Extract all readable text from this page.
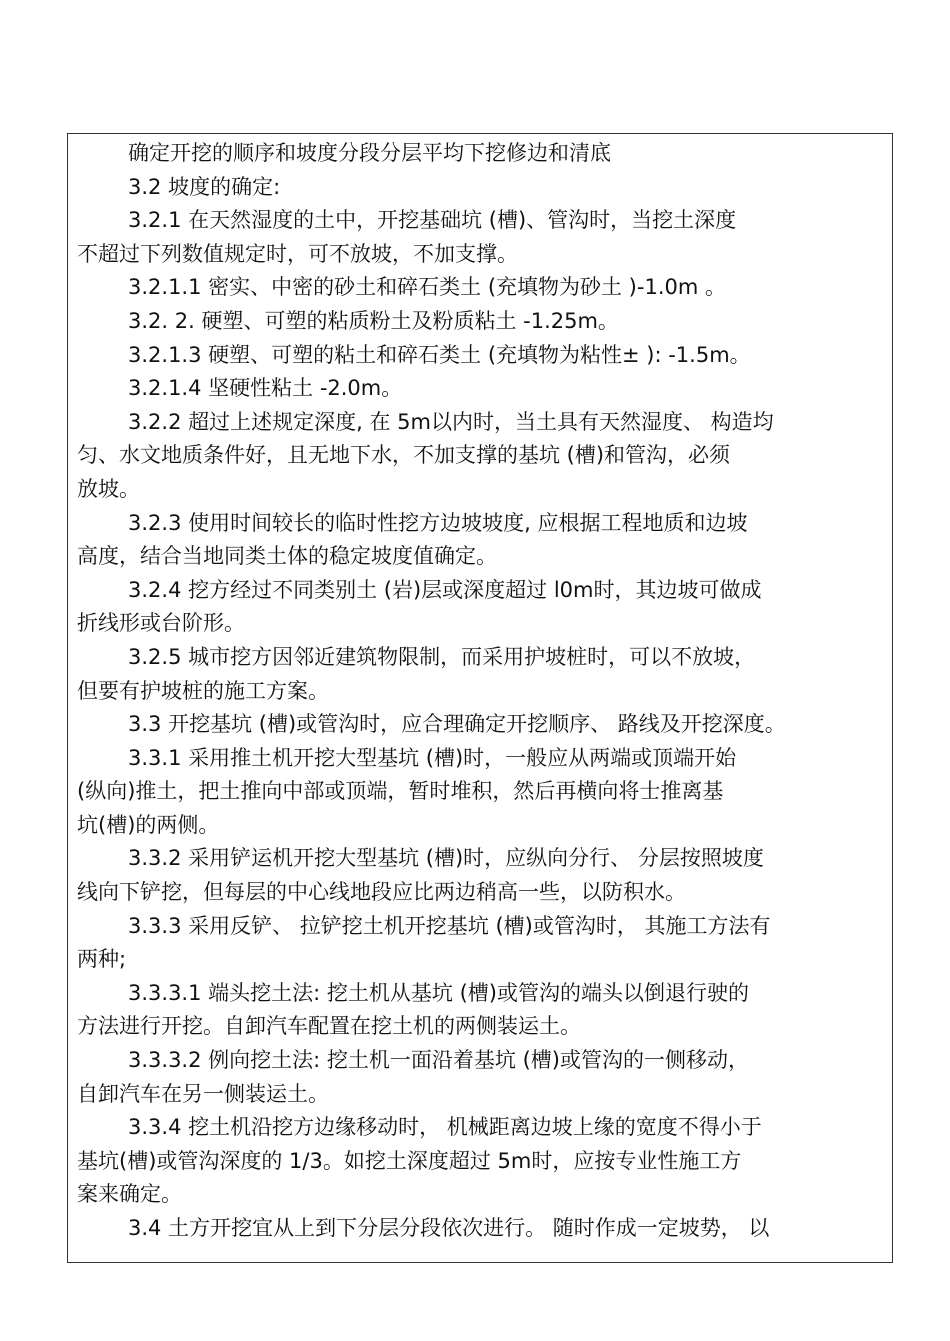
确定开挖的顺序和坡度分段分层平均下挖修边和清底
3.2 坡度的确定:
3.2.1 在天然湿度的土中，开挖基础坑 (槽)、管沟时，当挖土深度
不超过下列数值规定时，可不放坡，不加支撑。
3.2.1.1 密实、中密的砂土和碎石类土 (充填物为砂土 )-1.0m 。
3.2. 2. 硬塑、可塑的粘质粉土及粉质粘土 -1.25m。
3.2.1.3 硬塑、可塑的粘土和碎石类土 (充填物为粘性± ): -1.5m。
3.2.1.4 坚硬性粘土 -2.0m。
3.2.2 超过上述规定深度, 在 5m以内时，当土具有天然湿度、 构造均
匀、水文地质条件好，且无地下水，不加支撑的基坑 (槽)和管沟，必须
放坡。
3.2.3 使用时间较长的临时性挖方边坡坡度, 应根据工程地质和边坡
高度，结合当地同类土体的稳定坡度值确定。
3.2.4 挖方经过不同类别土 (岩)层或深度超过 l0m时，其边坡可做成
折线形或台阶形。
3.2.5 城市挖方因邻近建筑物限制，而采用护坡桩时，可以不放坡，
但要有护坡桩的施工方案。
3.3 开挖基坑 (槽)或管沟时，应合理确定开挖顺序、 路线及开挖深度。
3.3.1 采用推土机开挖大型基坑 (槽)时，一般应从两端或顶端开始
(纵向)推土，把土推向中部或顶端，暂时堆积，然后再横向将士推离基
坑(槽)的两侧。
3.3.2 采用铲运机开挖大型基坑 (槽)时，应纵向分行、 分层按照坡度
线向下铲挖，但每层的中心线地段应比两边稍高一些，以防积水。
3.3.3 采用反铲、 拉铲挖土机开挖基坑 (槽)或管沟时， 其施工方法有
两种;
3.3.3.1 端头挖土法: 挖土机从基坑 (槽)或管沟的端头以倒退行驶的
方法进行开挖。自卸汽车配置在挖土机的两侧装运土。
3.3.3.2 例向挖土法: 挖土机一面沿着基坑 (槽)或管沟的一侧移动，
自卸汽车在另一侧装运土。
3.3.4 挖土机沿挖方边缘移动时， 机械距离边坡上缘的宽度不得小于
基坑(槽)或管沟深度的 1/3。如挖土深度超过 5m时，应按专业性施工方
案来确定。
3.4 土方开挖宜从上到下分层分段依次进行。 随时作成一定坡势， 以
